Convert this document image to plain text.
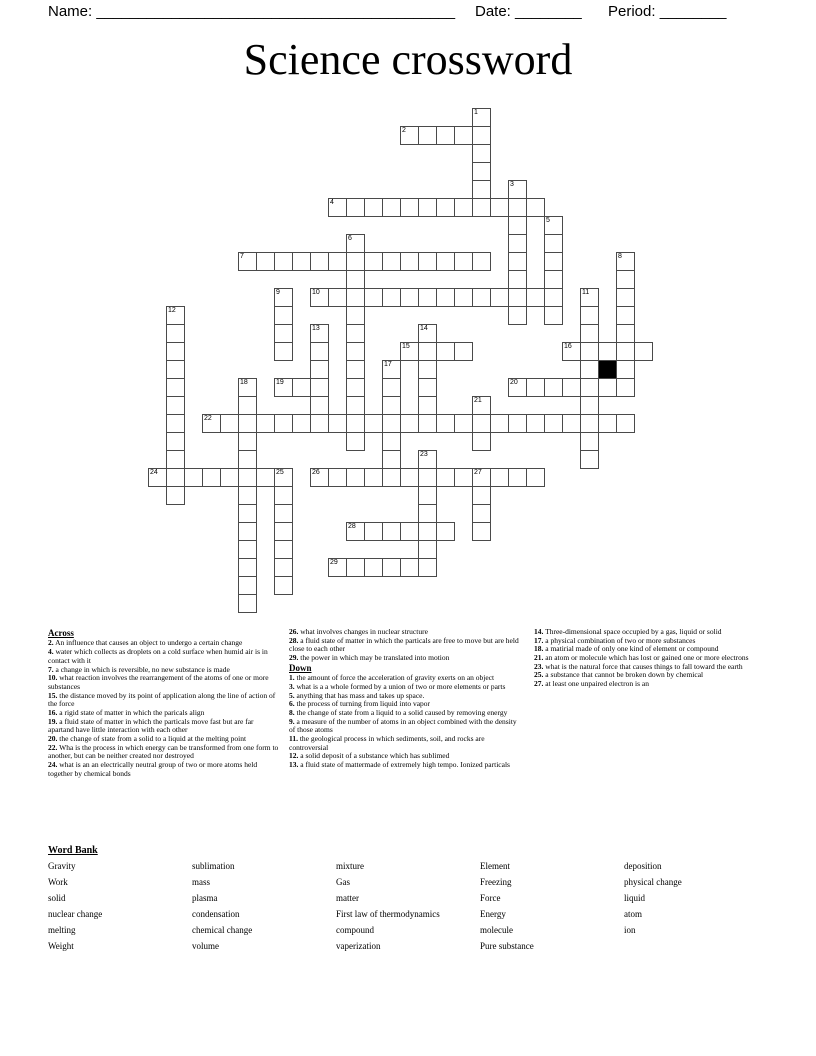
Name: ___________________________________________ Date: ________ Period: ________
Science crossword
1
2
3
4
5
6
7	8
9	10	11
12
13	14
15	16
17
18	19	20
21
22
23
24	25	26	27
28
29
Across
2. An influence that causes an object to undergo a certain change
4. water which collects as droplets on a cold surface when humid air is in contact with it
7. a change in which is reversible, no new substance is made
10. what reaction involves the rearrangement of the atoms of one or more substances
15. the distance moved by its point of application along the line of action of the force
16. a rigid state of matter in which the paricals align
19. a fluid state of matter in which the particals move fast but are far apartand have little interaction with each other
20. the change of state from a solid to a liquid at the melting point
22. Wha is the process in which energy can be transformed from one form to another, but can be neither created nor destroyed
24. what is an an electrically neutral group of two or more atoms held together by chemical bonds
26. what involves changes in nuclear structure
28. a fluid state of matter in which the particals are free to move but are held close to each other
29. the power in which may be translated into motion
Down
1. the amount of force the acceleration of gravity exerts on an object
3. what is a a whole formed by a union of two or more elements or parts
5. anything that has mass and takes up space.
6. the process of turning from liquid into vapor
8. the change of state from a liquid to a solid caused by removing energy
9. a measure of the number of atoms in an object combined with the density of those atoms
11. the geological process in which sediments, soil, and rocks are controversial
12. a solid deposit of a substance which has sublimed
13. a fluid state of mattermade of extremely high tempo. Ionized particals
14. Three-dimensional space occupied by a gas, liquid or solid
17. a physical combination of two or more substances
18. a matirial made of only one kind of element or compound
21. an atom or molecule which has lost or gained one or more electrons
23. what is the natural force that causes things to fall toward the earth
25. a substance that cannot be broken down by chemical
27. at least one unpaired electron is an
Word Bank
Gravity	sublimation	mixture	Element	deposition
Work	mass	Gas	Freezing	physical change
solid	plasma	matter	Force	liquid
nuclear change	condensation	First law of thermodynamics	Energy	atom
melting	chemical change	compound	molecule	ion
Weight	volume	vaperization	Pure substance
